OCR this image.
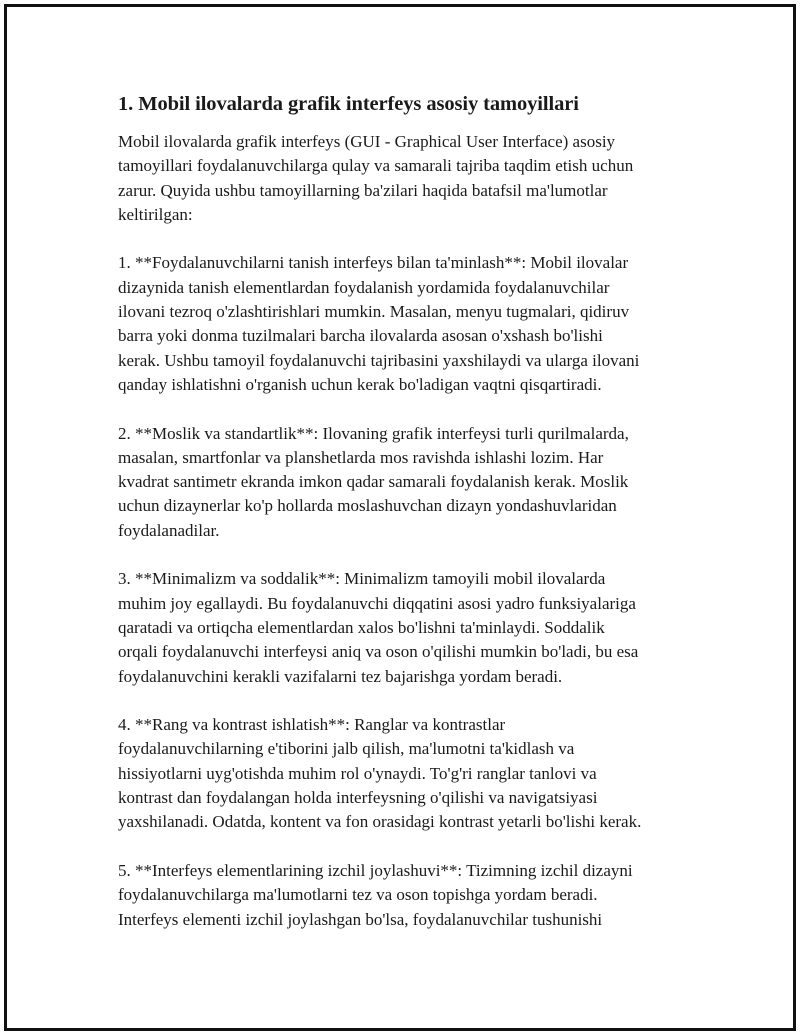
1. Mobil ilovalarda grafik interfeys asosiy tamoyillari

Mobil ilovalarda grafik interfeys (GUI - Graphical User Interface) asosiy
tamoyillari foydalanuvchilarga qulay va samarali tajriba taqdim etish uchun
zarur. Quyida ushbu tamoyillarning ba'zilari haqida batafsil ma'lumotlar
keltirilgan:

1. **Foydalanuvchilarni tanish interfeys bilan ta'minlash**: Mobil ilovalar
dizaynida tanish elementlardan foydalanish yordamida foydalanuvchilar
ilovani tezroq o'zlashtirishlari mumkin. Masalan, menyu tugmalari, qidiruv
barra yoki donma tuzilmalari barcha ilovalarda asosan o'xshash bo'lishi
kerak. Ushbu tamoyil foydalanuvchi tajribasini yaxshilaydi va ularga ilovani
qanday ishlatishni o'rganish uchun kerak bo'ladigan vaqtni qisqartiradi.

2. **Moslik va standartlik**: Ilovaning grafik interfeysi turli qurilmalarda,
masalan, smartfonlar va planshetlarda mos ravishda ishlashi lozim. Har
kvadrat santimetr ekranda imkon qadar samarali foydalanish kerak. Moslik
uchun dizaynerlar ko'p hollarda moslashuvchan dizayn yondashuvlaridan
foydalanadilar.

3. **Minimalizm va soddalik**: Minimalizm tamoyili mobil ilovalarda
muhim joy egallaydi. Bu foydalanuvchi diqqatini asosi yadro funksiyalariga
qaratadi va ortiqcha elementlardan xalos bo'lishni ta'minlaydi. Soddalik
orqali foydalanuvchi interfeysi aniq va oson o'qilishi mumkin bo'ladi, bu esa
foydalanuvchini kerakli vazifalarni tez bajarishga yordam beradi.

4. **Rang va kontrast ishlatish**: Ranglar va kontrastlar
foydalanuvchilarning e'tiborini jalb qilish, ma'lumotni ta'kidlash va
hissiyotlarni uyg'otishda muhim rol o'ynaydi. To'g'ri ranglar tanlovi va
kontrast dan foydalangan holda interfeysning o'qilishi va navigatsiyasi
yaxshilanadi. Odatda, kontent va fon orasidagi kontrast yetarli bo'lishi kerak.

5. **Interfeys elementlarining izchil joylashuvi**: Tizimning izchil dizayni
foydalanuvchilarga ma'lumotlarni tez va oson topishga yordam beradi.
Interfeys elementi izchil joylashgan bo'lsa, foydalanuvchilar tushunishi
